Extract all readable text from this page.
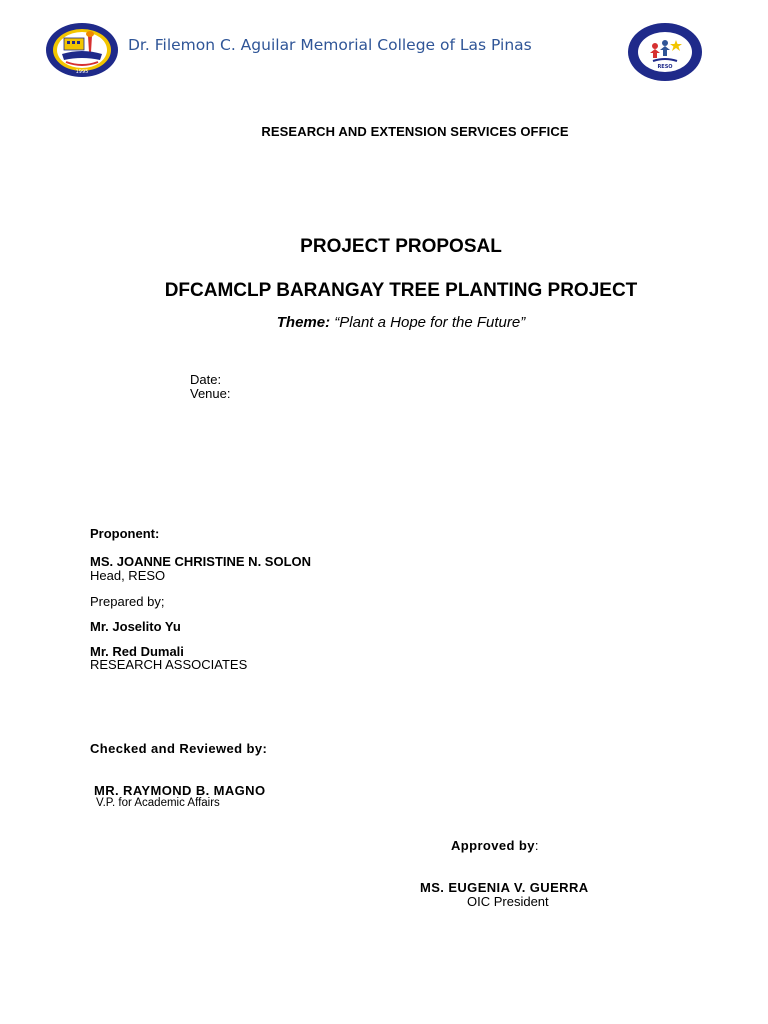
1995
Dr. Filemon C. Aguilar Memorial College of Las Pinas
RESO
RESEARCH AND EXTENSION SERVICES OFFICE
PROJECT PROPOSAL
DFCAMCLP BARANGAY TREE PLANTING PROJECT
Theme: “Plant a Hope for the Future”
Date:
Venue:
Proponent:
MS. JOANNE CHRISTINE N. SOLON
Head, RESO
Prepared by;
Mr. Joselito Yu
Mr. Red Dumali
RESEARCH ASSOCIATES
Checked and Reviewed by:
MR. RAYMOND B. MAGNO
V.P. for Academic Affairs
Approved by:
MS. EUGENIA V. GUERRA
OIC President
